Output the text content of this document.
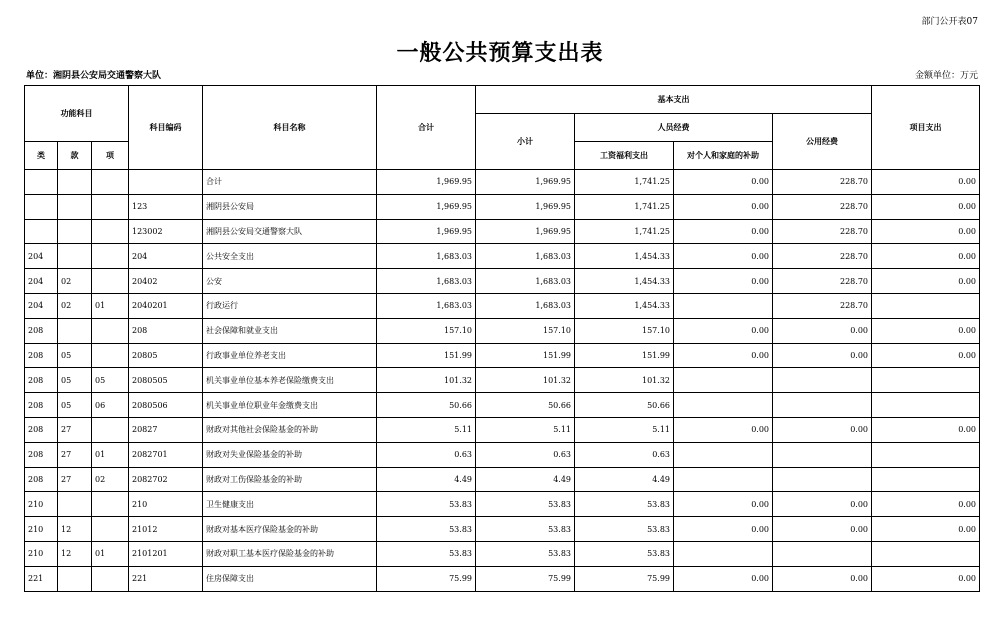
部门公开表07
一般公共预算支出表
单位：湘阴县公安局交通警察大队	金额单位：万元
功能科目			科目编码	科目名称	合计	基本支出				项目支出
						小计	人员经费		公用经费	
类	款	项					工资福利支出	对个人和家庭的补助		
				合计	1,969.95	1,969.95	1,741.25	0.00	228.70	0.00
			123	湘阴县公安局	1,969.95	1,969.95	1,741.25	0.00	228.70	0.00
			123002	湘阴县公安局交通警察大队	1,969.95	1,969.95	1,741.25	0.00	228.70	0.00
204			204	公共安全支出	1,683.03	1,683.03	1,454.33	0.00	228.70	0.00
204	02		20402	公安	1,683.03	1,683.03	1,454.33	0.00	228.70	0.00
204	02	01	2040201	行政运行	1,683.03	1,683.03	1,454.33		228.70	
208			208	社会保障和就业支出	157.10	157.10	157.10	0.00	0.00	0.00
208	05		20805	行政事业单位养老支出	151.99	151.99	151.99	0.00	0.00	0.00
208	05	05	2080505	机关事业单位基本养老保险缴费支出	101.32	101.32	101.32			
208	05	06	2080506	机关事业单位职业年金缴费支出	50.66	50.66	50.66			
208	27		20827	财政对其他社会保险基金的补助	5.11	5.11	5.11	0.00	0.00	0.00
208	27	01	2082701	财政对失业保险基金的补助	0.63	0.63	0.63			
208	27	02	2082702	财政对工伤保险基金的补助	4.49	4.49	4.49			
210			210	卫生健康支出	53.83	53.83	53.83	0.00	0.00	0.00
210	12		21012	财政对基本医疗保险基金的补助	53.83	53.83	53.83	0.00	0.00	0.00
210	12	01	2101201	财政对职工基本医疗保险基金的补助	53.83	53.83	53.83			
221			221	住房保障支出	75.99	75.99	75.99	0.00	0.00	0.00
